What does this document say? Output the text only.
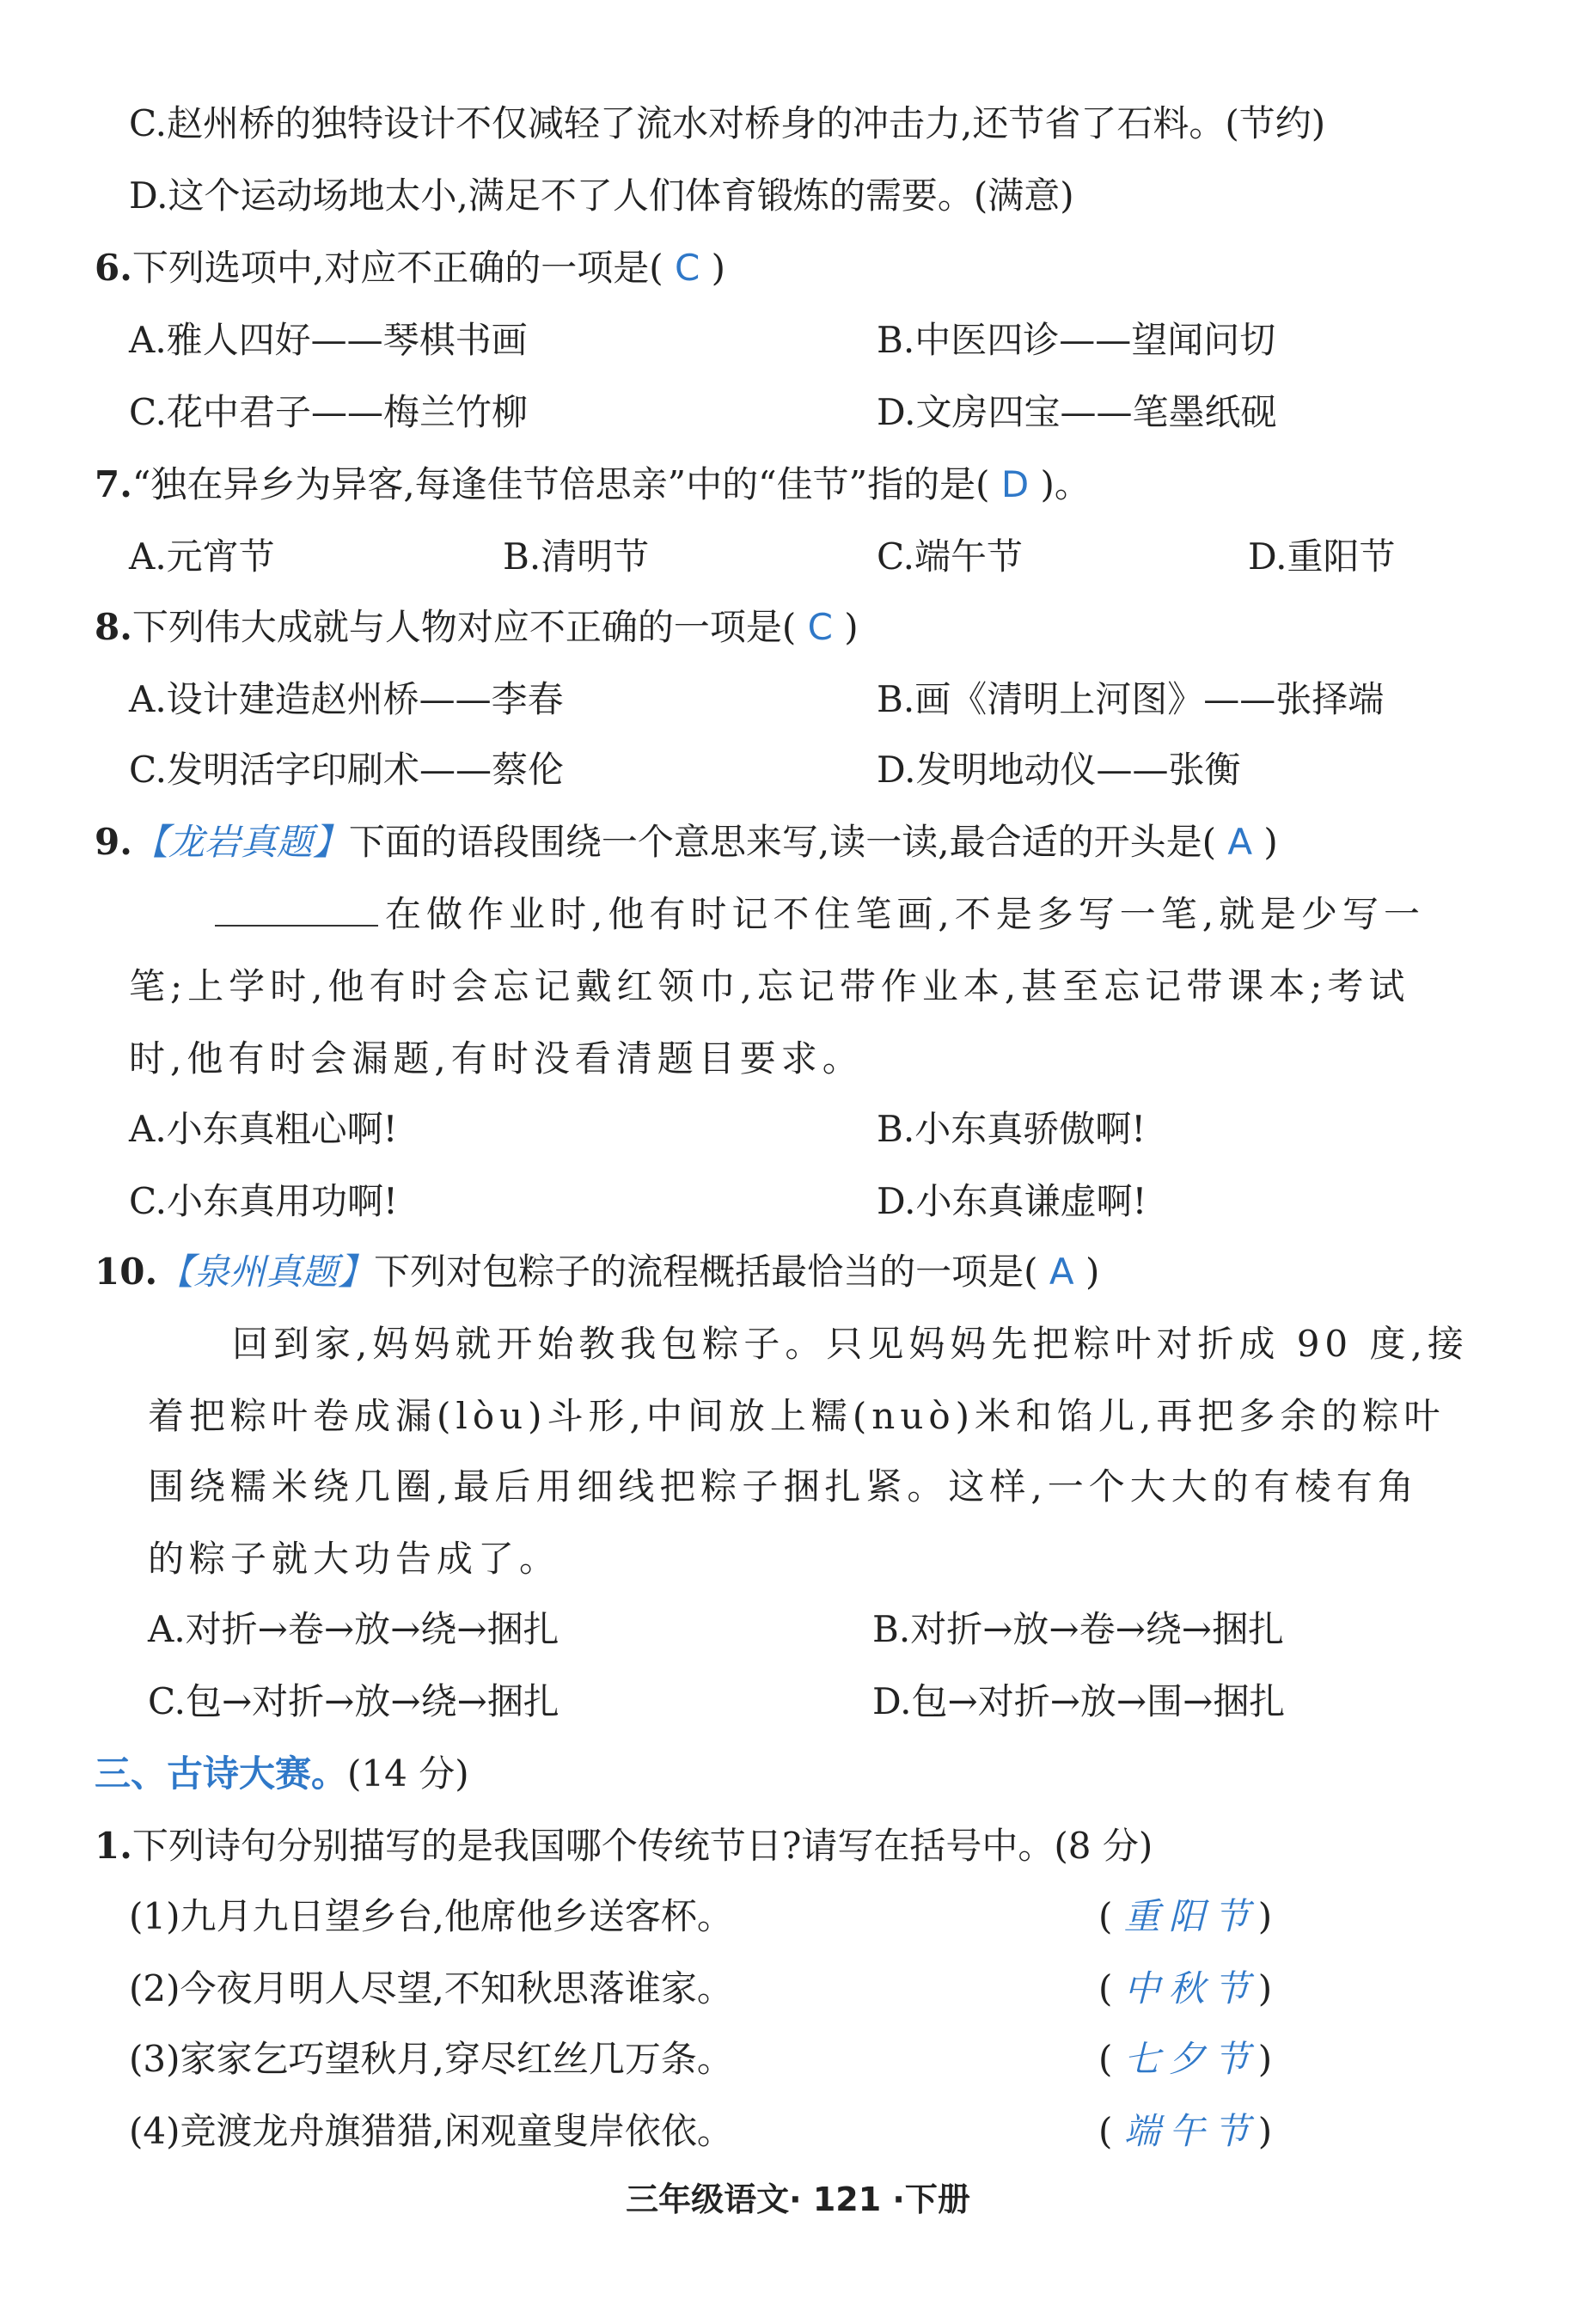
C.赵州桥的独特设计不仅减轻了流水对桥身的冲击力,还节省了石料。(节约)
D.这个运动场地太小,满足不了人们体育锻炼的需要。(满意)
6.下列选项中,对应不正确的一项是( C )
A.雅人四好——琴棋书画	B.中医四诊——望闻问切
C.花中君子——梅兰竹柳	D.文房四宝——笔墨纸砚
7.“独在异乡为异客,每逢佳节倍思亲”中的“佳节”指的是( D )。
A.元宵节	B.清明节	C.端午节	D.重阳节
8.下列伟大成就与人物对应不正确的一项是( C )
A.设计建造赵州桥——李春	B.画《清明上河图》——张择端
C.发明活字印刷术——蔡伦	D.发明地动仪——张衡
9.【龙岩真题】下面的语段围绕一个意思来写,读一读,最合适的开头是( A )
在做作业时,他有时记不住笔画,不是多写一笔,就是少写一
笔;上学时,他有时会忘记戴红领巾,忘记带作业本,甚至忘记带课本;考试
时,他有时会漏题,有时没看清题目要求。
A.小东真粗心啊!	B.小东真骄傲啊!
C.小东真用功啊!	D.小东真谦虚啊!
10.【泉州真题】下列对包粽子的流程概括最恰当的一项是( A )
回到家,妈妈就开始教我包粽子。只见妈妈先把粽叶对折成 90 度,接
着把粽叶卷成漏(lòu)斗形,中间放上糯(nuò)米和馅儿,再把多余的粽叶
围绕糯米绕几圈,最后用细线把粽子捆扎紧。这样,一个大大的有棱有角
的粽子就大功告成了。
A.对折→卷→放→绕→捆扎	B.对折→放→卷→绕→捆扎
C.包→对折→放→绕→捆扎	D.包→对折→放→围→捆扎
三、古诗大赛。(14 分)
1.下列诗句分别描写的是我国哪个传统节日?请写在括号中。(8 分)
(1)九月九日望乡台,他席他乡送客杯。	( 重阳节)
(2)今夜月明人尽望,不知秋思落谁家。	( 中秋节)
(3)家家乞巧望秋月,穿尽红丝几万条。	( 七夕节)
(4)竞渡龙舟旗猎猎,闲观童叟岸依依。	( 端午节)
三年级语文· 121 ·下册
